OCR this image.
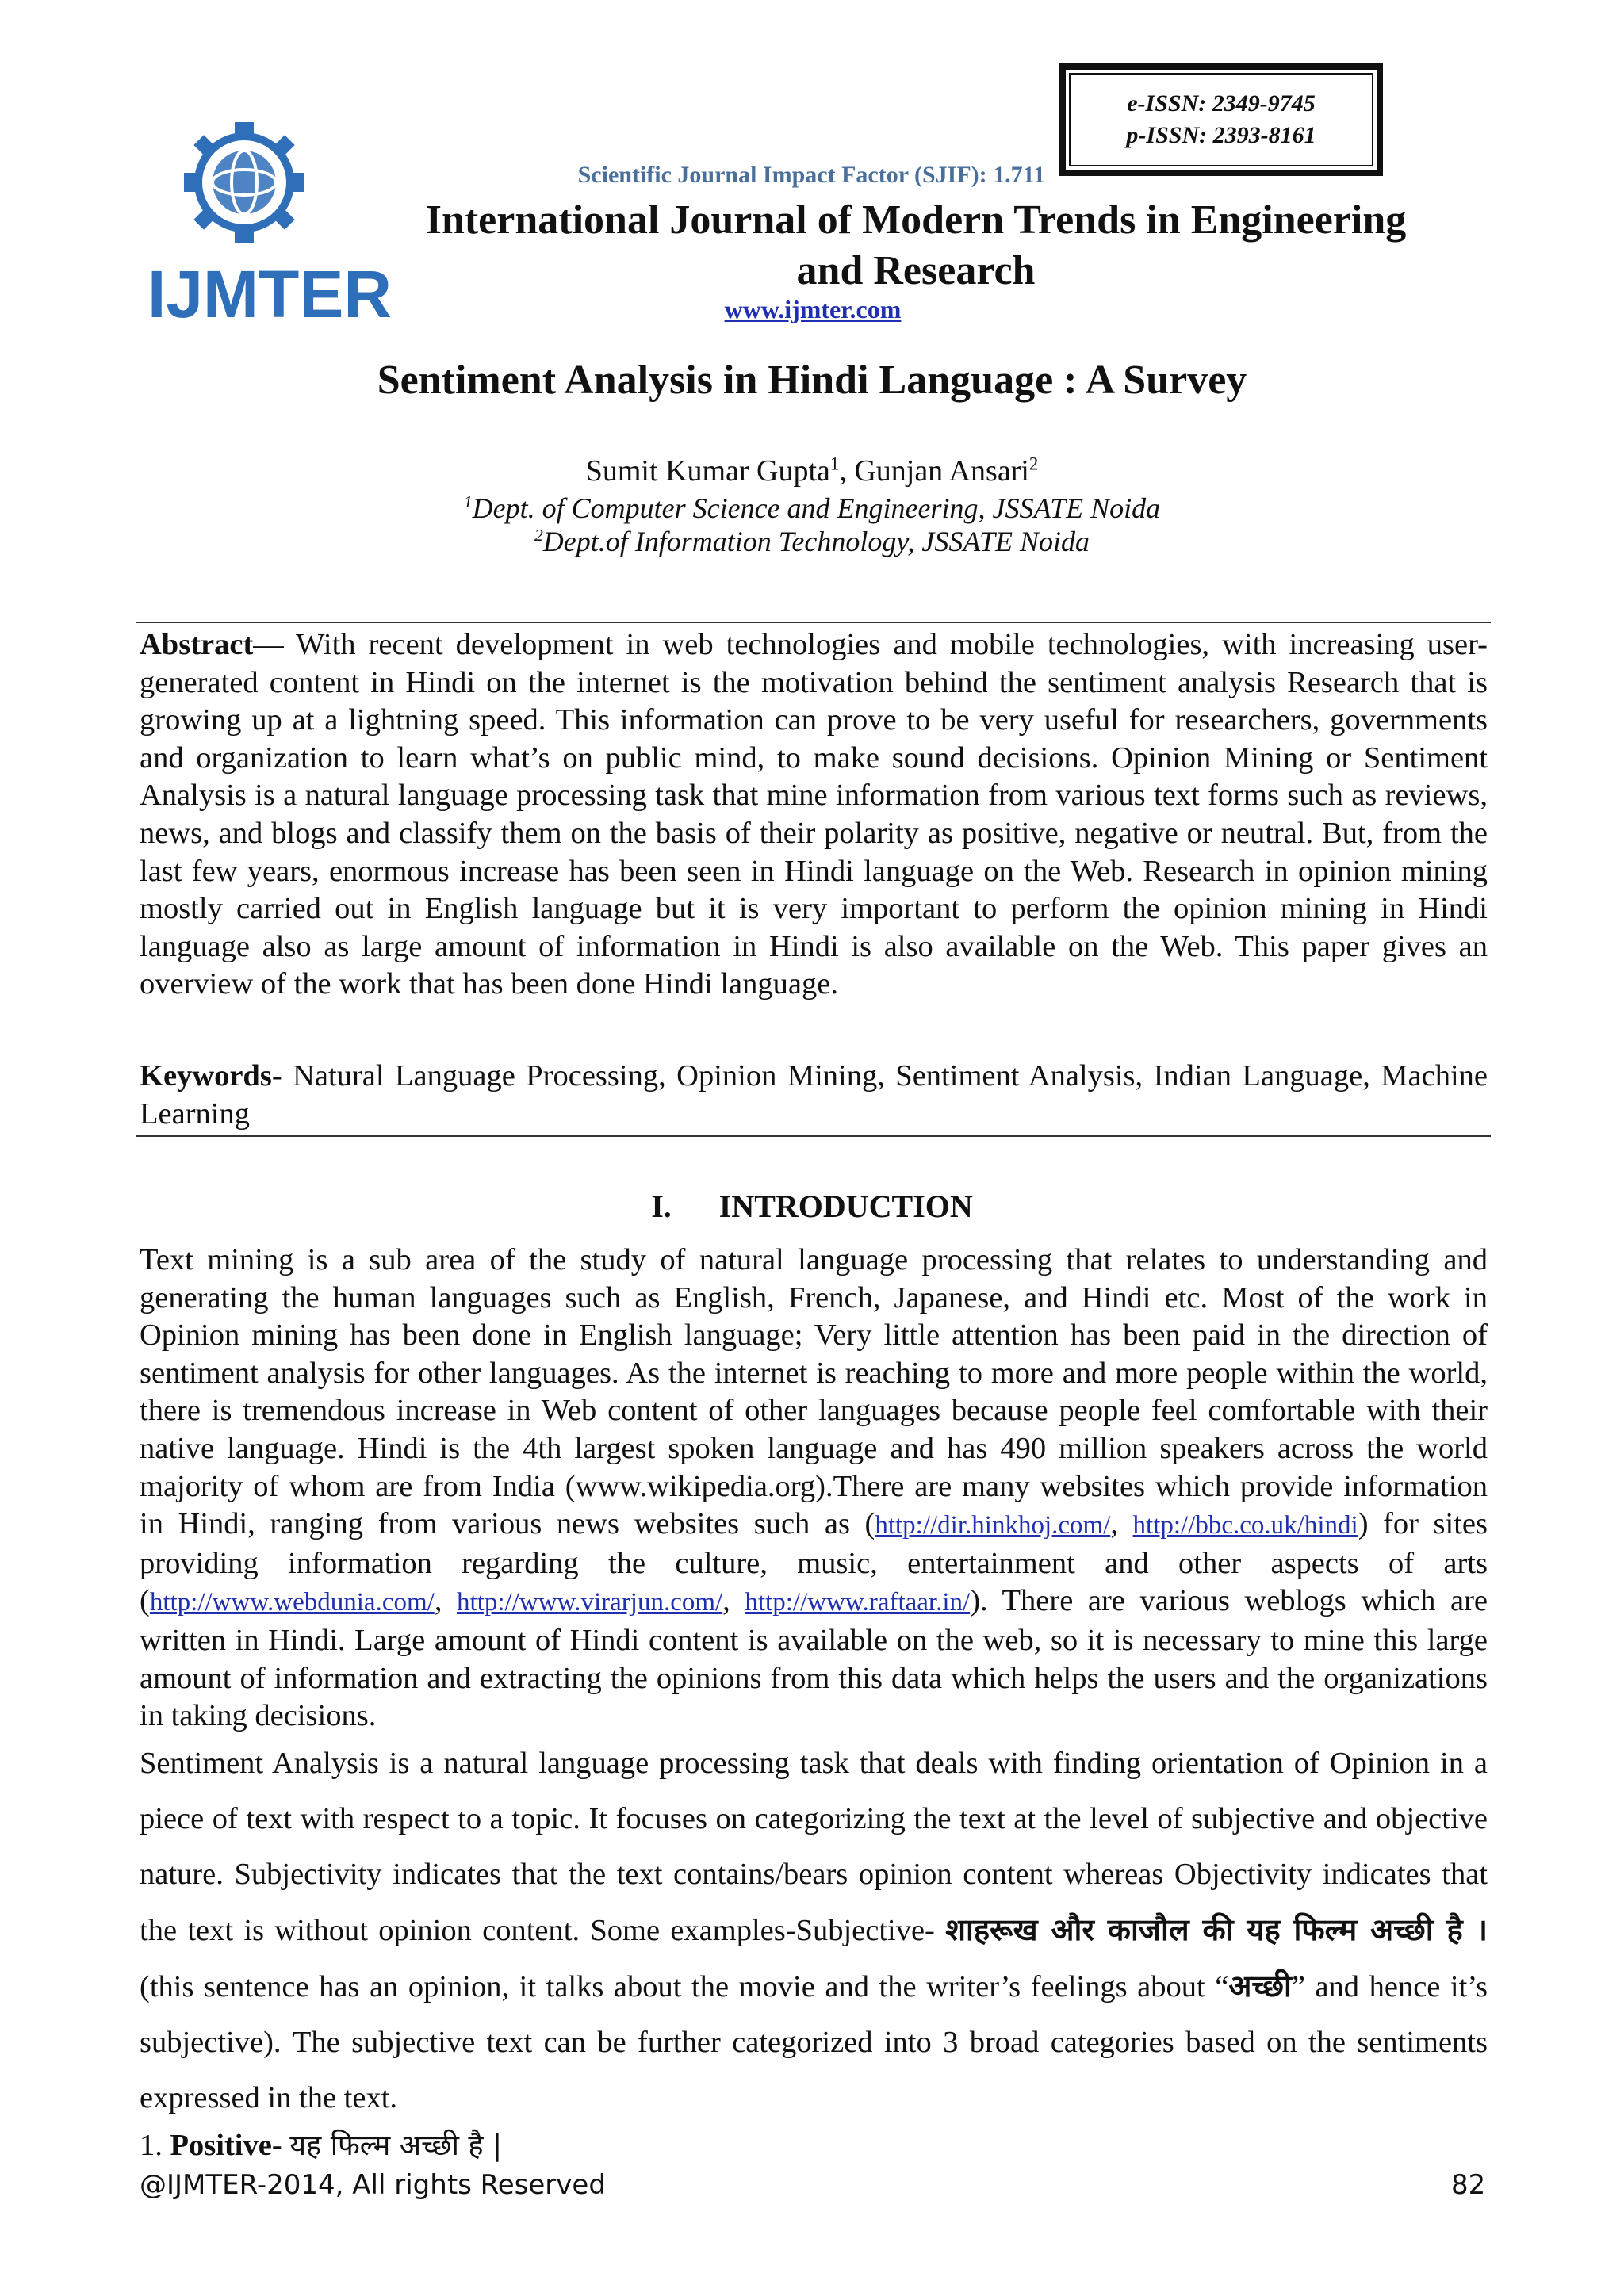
IJMTER
e-ISSN: 2349-9745
p-ISSN: 2393-8161
Scientific Journal Impact Factor (SJIF): 1.711
International Journal of Modern Trends in Engineering
and Research
www.ijmter.com
Sentiment Analysis in Hindi Language : A Survey
Sumit Kumar Gupta$^1$, Gunjan Ansari$^2$
$^1$Dept. of Computer Science and Engineering, JSSATE Noida
$^2$Dept.of Information Technology, JSSATE Noida
Abstract— With recent development in web technologies and mobile technologies, with increasing user-generated content in Hindi on the internet is the motivation behind the sentiment analysis Research that is growing up at a lightning speed. This information can prove to be very useful for researchers, governments and organization to learn what’s on public mind, to make sound decisions. Opinion Mining or Sentiment Analysis is a natural language processing task that mine information from various text forms such as reviews, news, and blogs and classify them on the basis of their polarity as positive, negative or neutral. But, from the last few years, enormous increase has been seen in Hindi language on the Web. Research in opinion mining mostly carried out in English language but it is very important to perform the opinion mining in Hindi language also as large amount of information in Hindi is also available on the Web. This paper gives an overview of the work that has been done Hindi language.
Keywords- Natural Language Processing, Opinion Mining, Sentiment Analysis, Indian Language, Machine Learning
I. INTRODUCTION
Text mining is a sub area of the study of natural language processing that relates to understanding and generating the human languages such as English, French, Japanese, and Hindi etc. Most of the work in Opinion mining has been done in English language; Very little attention has been paid in the direction of sentiment analysis for other languages. As the internet is reaching to more and more people within the world, there is tremendous increase in Web content of other languages because people feel comfortable with their native language. Hindi is the 4th largest spoken language and has 490 million speakers across the world majority of whom are from India (www.wikipedia.org).There are many websites which provide information in Hindi, ranging from various news websites such as (http://dir.hinkhoj.com/, http://bbc.co.uk/hindi) for sites providing information regarding the culture, music, entertainment and other aspects of arts (http://www.webdunia.com/, http://www.virarjun.com/, http://www.raftaar.in/). There are various weblogs which are written in Hindi. Large amount of Hindi content is available on the web, so it is necessary to mine this large amount of information and extracting the opinions from this data which helps the users and the organizations in taking decisions.
Sentiment Analysis is a natural language processing task that deals with finding orientation of Opinion in a piece of text with respect to a topic. It focuses on categorizing the text at the level of subjective and objective nature. Subjectivity indicates that the text contains/bears opinion content whereas Objectivity indicates that the text is without opinion content. Some examples-Subjective- शाहरूख और काजौल की यह फिल्म अच्छी है । (this sentence has an opinion, it talks about the movie and the writer’s feelings about “अच्छी” and hence it’s subjective). The subjective text can be further categorized into 3 broad categories based on the sentiments expressed in the text.
1. Positive- यह फिल्म अच्छी है |
@IJMTER-2014, All rights Reserved	82
